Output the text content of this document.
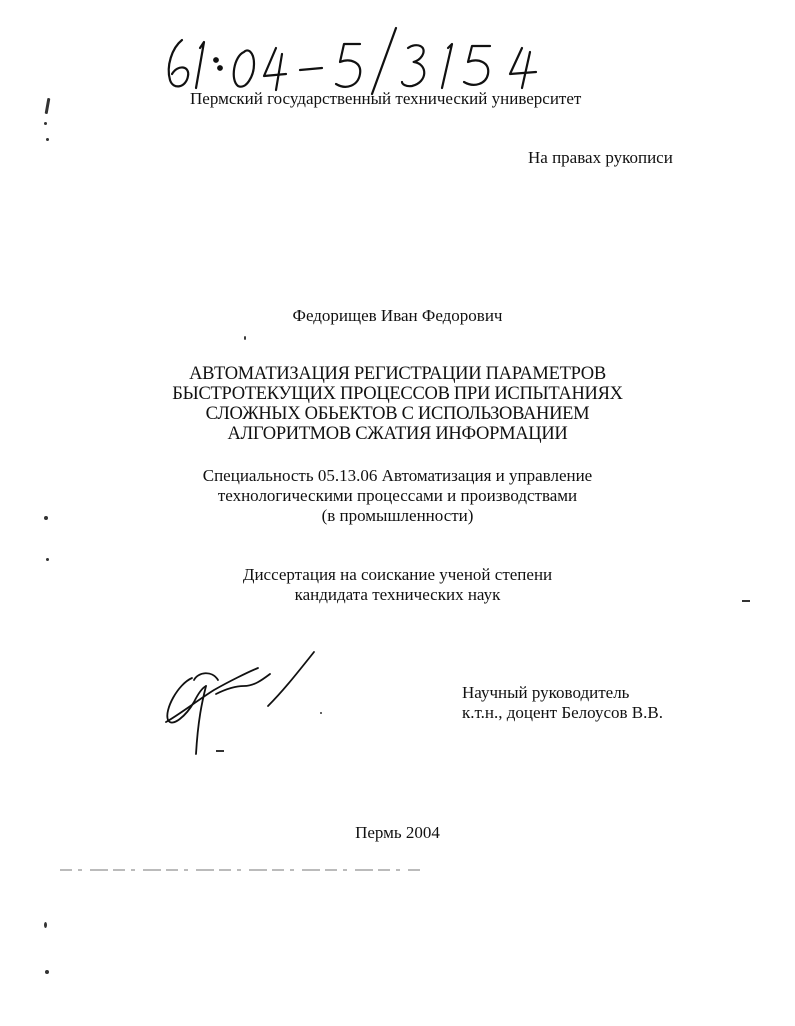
Пермский государственный технический университет
На правах рукописи
Федорищев Иван Федорович
АВТОМАТИЗАЦИЯ РЕГИСТРАЦИИ ПАРАМЕТРОВ
БЫСТРОТЕКУЩИХ ПРОЦЕССОВ ПРИ ИСПЫТАНИЯХ
СЛОЖНЫХ ОБЬЕКТОВ С ИСПОЛЬЗОВАНИЕМ
АЛГОРИТМОВ СЖАТИЯ ИНФОРМАЦИИ
Специальность 05.13.06 Автоматизация и управление
технологическими процессами и производствами
(в промышленности)
Диссертация на соискание ученой степени
кандидата технических наук
Научный руководитель
к.т.н., доцент Белоусов В.В.
Пермь 2004
